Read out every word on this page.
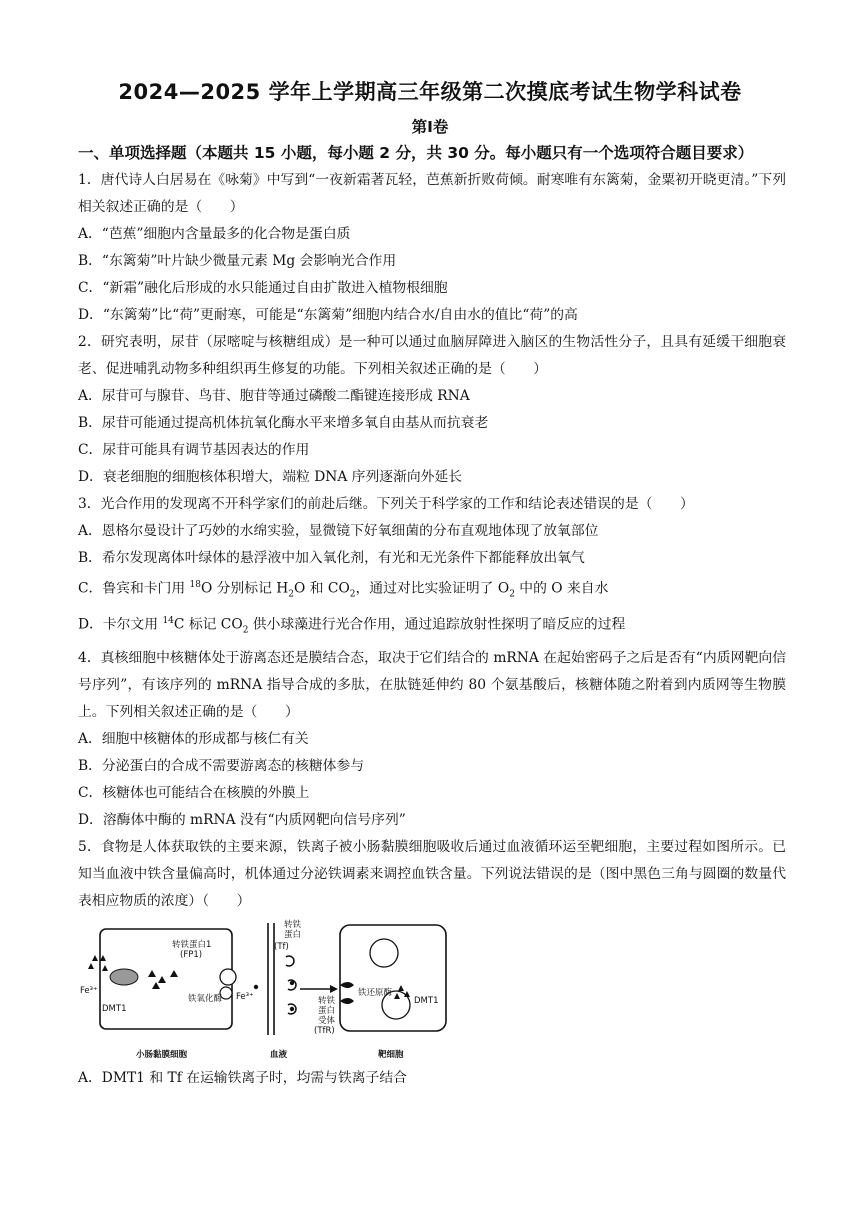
2024—2025 学年上学期高三年级第二次摸底考试生物学科试卷
第Ⅰ卷

一、单项选择题（本题共 15 小题，每小题 2 分，共 30 分。每小题只有一个选项符合题目要求）

1．唐代诗人白居易在《咏菊》中写到“一夜新霜著瓦轻，芭蕉新折败荷倾。耐寒唯有东篱菊，金粟初开晓更清。”下列相关叙述正确的是（　　）

A．“芭蕉”细胞内含量最多的化合物是蛋白质

B．“东篱菊”叶片缺少微量元素 Mg 会影响光合作用

C．“新霜”融化后形成的水只能通过自由扩散进入植物根细胞

D．“东篱菊”比“荷”更耐寒，可能是“东篱菊”细胞内结合水/自由水的值比“荷”的高

2．研究表明，尿苷（尿嘧啶与核糖组成）是一种可以通过血脑屏障进入脑区的生物活性分子，且具有延缓干细胞衰老、促进哺乳动物多种组织再生修复的功能。下列相关叙述正确的是（　　）

A．尿苷可与腺苷、鸟苷、胞苷等通过磷酸二酯键连接形成 RNA

B．尿苷可能通过提高机体抗氧化酶水平来增多氧自由基从而抗衰老

C．尿苷可能具有调节基因表达的作用

D．衰老细胞的细胞核体积增大，端粒 DNA 序列逐渐向外延长

3．光合作用的发现离不开科学家们的前赴后继。下列关于科学家的工作和结论表述错误的是（　　）

A．恩格尔曼设计了巧妙的水绵实验，显微镜下好氧细菌的分布直观地体现了放氧部位

B．希尔发现离体叶绿体的悬浮液中加入氧化剂，有光和无光条件下都能释放出氧气

C．鲁宾和卡门用 $^{18}$O 分别标记 $H_2O$ 和 $CO_2$，通过对比实验证明了 $O_2$ 中的 O 来自水

D．卡尔文用 $^{14}$C 标记 $CO_2$ 供小球藻进行光合作用，通过追踪放射性探明了暗反应的过程

4．真核细胞中核糖体处于游离态还是膜结合态，取决于它们结合的 mRNA 在起始密码子之后是否有“内质网靶向信号序列”，有该序列的 mRNA 指导合成的多肽，在肽链延伸约 80 个氨基酸后，核糖体随之附着到内质网等生物膜上。下列相关叙述正确的是（　　）

A．细胞中核糖体的形成都与核仁有关

B．分泌蛋白的合成不需要游离态的核糖体参与

C．核糖体也可能结合在核膜的外膜上

D．溶酶体中酶的 mRNA 没有“内质网靶向信号序列”

5．食物是人体获取铁的主要来源，铁离子被小肠黏膜细胞吸收后通过血液循环运至靶细胞，主要过程如图所示。已知当血液中铁含量偏高时，机体通过分泌铁调素来调控血铁含量。下列说法错误的是（图中黑色三角与圆圈的数量代表相应物质的浓度）（　　）

Fe³⁺
DMT1
转铁蛋白1
(FP1)
铁氧化酶 Fe³⁺
转铁
蛋白
(Tf)
铁还原酶
DMT1
转铁
蛋白
受体
(TfR)
小肠黏膜细胞	血液	靶细胞

A．DMT1 和 Tf 在运输铁离子时，均需与铁离子结合
